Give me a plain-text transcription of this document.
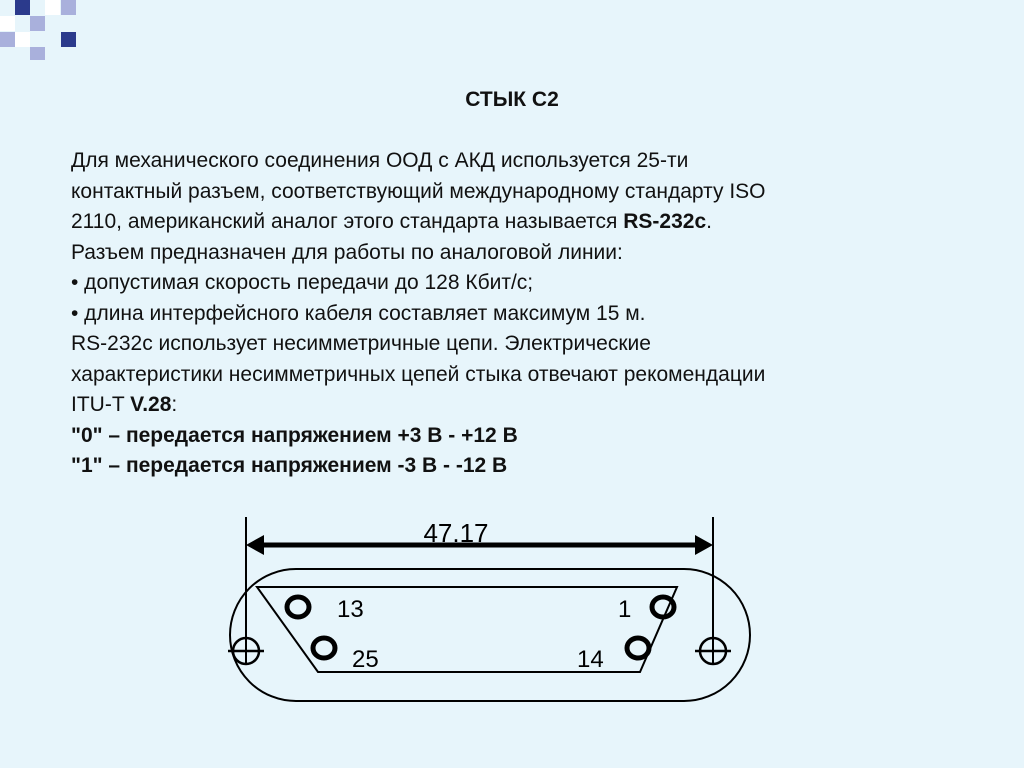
СТЫК С2
Для механического соединения ООД с АКД используется 25-ти
контактный разъем, соответствующий международному стандарту ISO
2110, американский аналог этого стандарта называется RS-232c.
Разъем предназначен для работы по аналоговой линии:
• допустимая скорость передачи до 128 Кбит/с;
• длина интерфейсного кабеля составляет максимум 15 м.
RS-232c использует несимметричные цепи. Электрические
характеристики несимметричных цепей стыка отвечают рекомендации
ITU-T V.28:
"0" – передается напряжением +3 В - +12 В
"1" – передается напряжением -3 В - -12 В
47.17
13	1
25	14
